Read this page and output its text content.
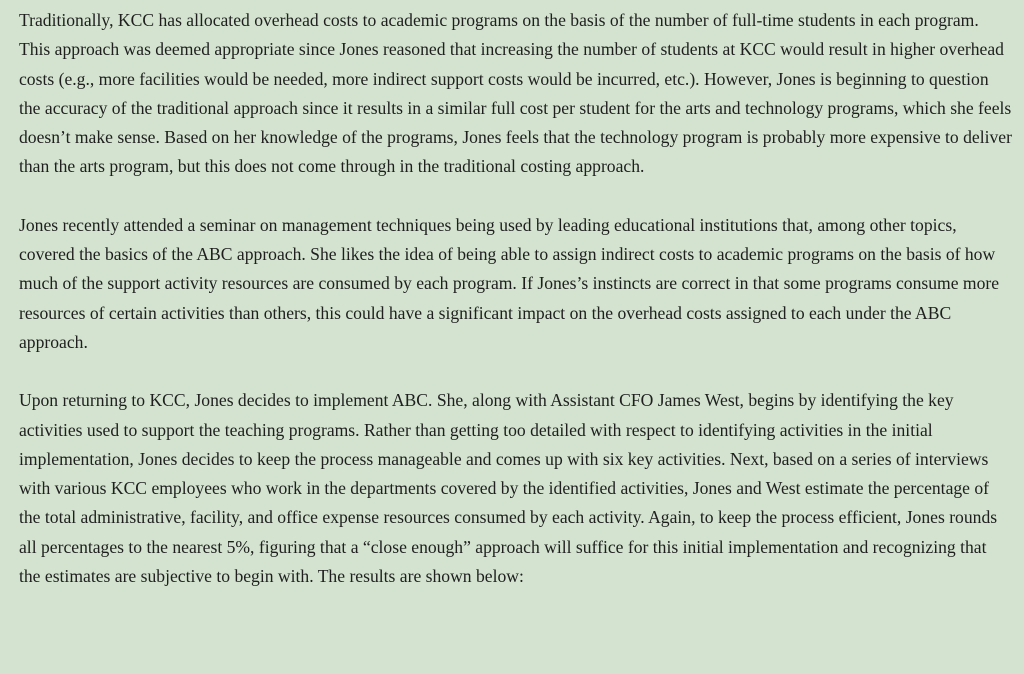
Traditionally, KCC has allocated overhead costs to academic programs on the basis of the number of full-time students in each program. This approach was deemed appropriate since Jones reasoned that increasing the number of students at KCC would result in higher overhead costs (e.g., more facilities would be needed, more indirect support costs would be incurred, etc.). However, Jones is beginning to question the accuracy of the traditional approach since it results in a similar full cost per student for the arts and technology programs, which she feels doesn’t make sense. Based on her knowledge of the programs, Jones feels that the technology program is probably more expensive to deliver than the arts program, but this does not come through in the traditional costing approach.

Jones recently attended a seminar on management techniques being used by leading educational institutions that, among other topics, covered the basics of the ABC approach. She likes the idea of being able to assign indirect costs to academic programs on the basis of how much of the support activity resources are consumed by each program. If Jones’s instincts are correct in that some programs consume more resources of certain activities than others, this could have a significant impact on the overhead costs assigned to each under the ABC approach.

Upon returning to KCC, Jones decides to implement ABC. She, along with Assistant CFO James West, begins by identifying the key activities used to support the teaching programs. Rather than getting too detailed with respect to identifying activities in the initial implementation, Jones decides to keep the process manageable and comes up with six key activities. Next, based on a series of interviews with various KCC employees who work in the departments covered by the identified activities, Jones and West estimate the percentage of the total administrative, facility, and office expense resources consumed by each activity. Again, to keep the process efficient, Jones rounds all percentages to the nearest 5%, figuring that a “close enough” approach will suffice for this initial implementation and recognizing that the estimates are subjective to begin with. The results are shown below:
